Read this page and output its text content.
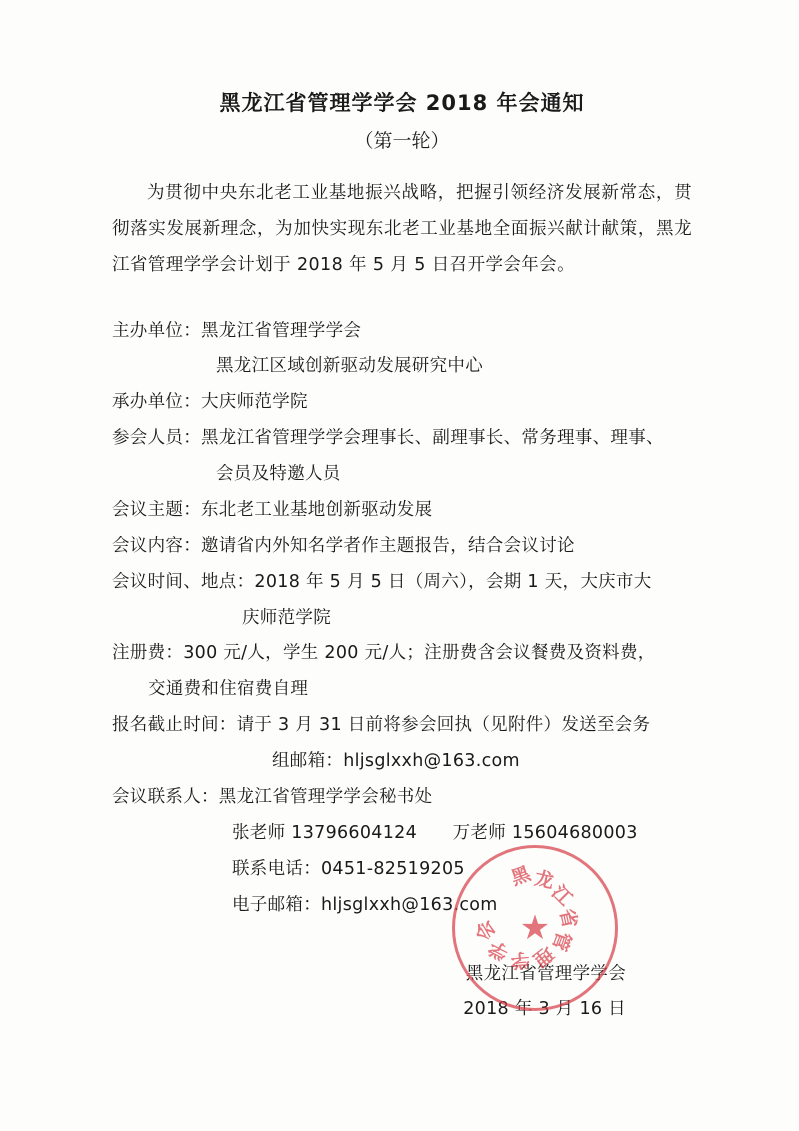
黑龙江省管理学学会 2018 年会通知
（第一轮）

为贯彻中央东北老工业基地振兴战略，把握引领经济发展新常态，贯彻落实发展新理念，为加快实现东北老工业基地全面振兴献计献策，黑龙江省管理学学会计划于 2018 年 5 月 5 日召开学会年会。

主办单位：黑龙江省管理学学会
黑龙江区域创新驱动发展研究中心
承办单位：大庆师范学院
参会人员：黑龙江省管理学学会理事长、副理事长、常务理事、理事、
会员及特邀人员
会议主题：东北老工业基地创新驱动发展
会议内容：邀请省内外知名学者作主题报告，结合会议讨论
会议时间、地点：2018 年 5 月 5 日（周六），会期 1 天，大庆市大
庆师范学院
注册费：300 元/人，学生 200 元/人；注册费含会议餐费及资料费，
交通费和住宿费自理
报名截止时间：请于 3 月 31 日前将参会回执（见附件）发送至会务
组邮箱：hljsglxxh@163.com
会议联系人：黑龙江省管理学学会秘书处
张老师 13796604124　　万老师 15604680003
联系电话：0451-82519205
电子邮箱：hljsglxxh@163.com
黑龙江省管理学学会
2018 年 3 月 16 日
黑
龙
江
省
管
理
学
学
会 ★
